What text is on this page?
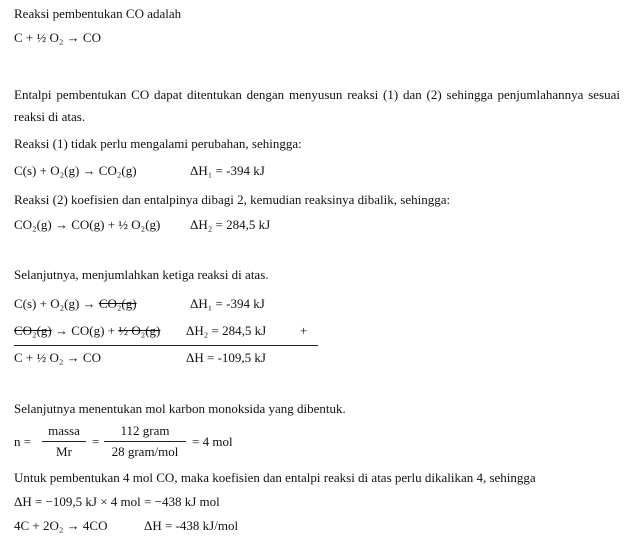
Reaksi pembentukan CO adalah
C + ½ O₂ → CO
Entalpi pembentukan CO dapat ditentukan dengan menyusun reaksi (1) dan (2) sehingga penjumlahannya sesuai reaksi di atas.
Reaksi (1) tidak perlu mengalami perubahan, sehingga:
C(s) + O₂(g) → CO₂(g)	ΔH₁ = -394 kJ
Reaksi (2) koefisien dan entalpinya dibagi 2, kemudian reaksinya dibalik, sehingga:
CO₂(g) → CO(g) + ½ O₂(g) ΔH₂ = 284,5 kJ
Selanjutnya, menjumlahkan ketiga reaksi di atas.
C(s) + O₂(g) → CO₂(g)	ΔH₁ = -394 kJ
CO₂(g) → CO(g) + ½ O₂(g) ΔH₂ = 284,5 kJ	+
C + ½ O₂ → CO	ΔH = -109,5 kJ
Selanjutnya menentukan mol karbon monoksida yang dibentuk.
n =
massa
Mr
=
112 gram
28 gram/mol
= 4 mol
Untuk pembentukan 4 mol CO, maka koefisien dan entalpi reaksi di atas perlu dikalikan 4, sehingga
ΔH = −109,5 kJ × 4 mol = −438 kJ mol
4C + 2O₂ → 4CO	ΔH = -438 kJ/mol
